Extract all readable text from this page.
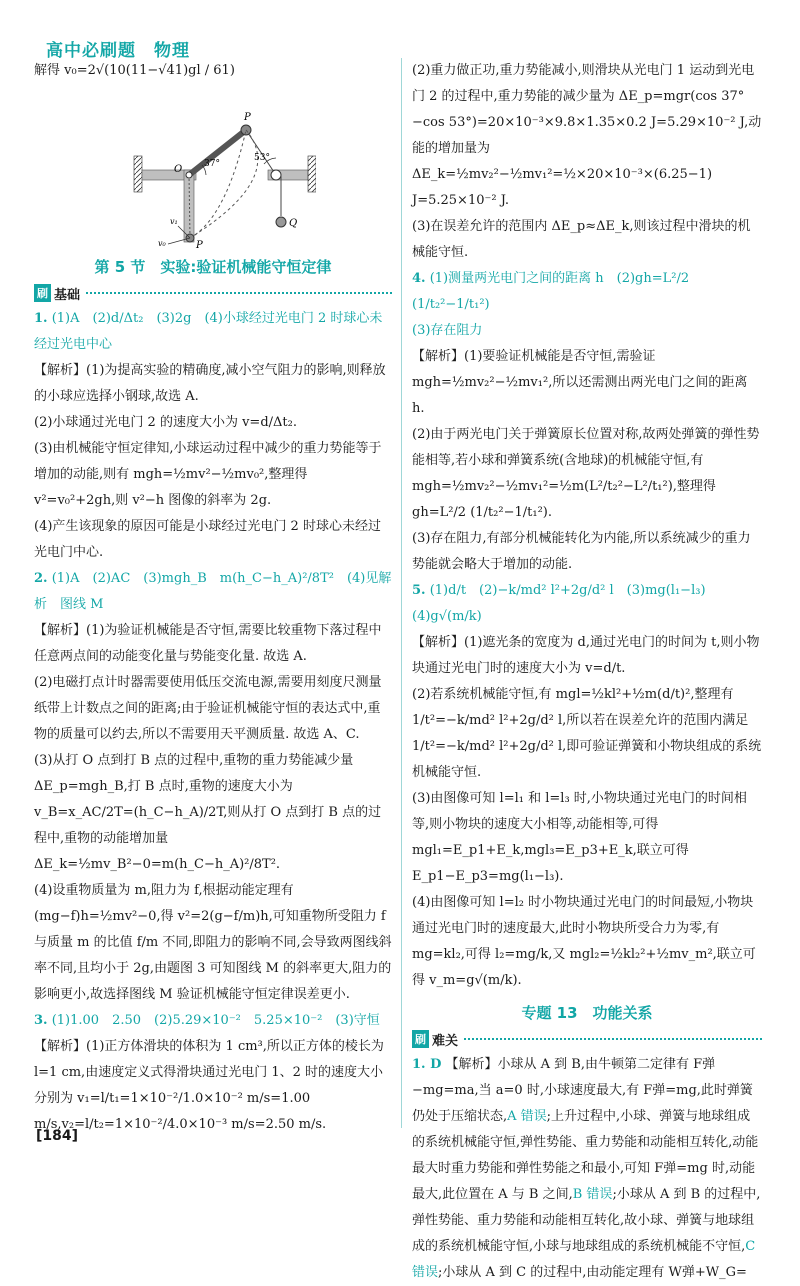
高中必刷题　物理

解得 v₀=2√(10(11−√41)gl / 61)

P
O 37°
53°
Q
P
v₀
v₁
第 5 节　实验:验证机械能守恒定律
刷 基础

1. (1)A　(2)d/Δt₂　(3)2g　(4)小球经过光电门 2 时球心未经过光电中心

【解析】(1)为提高实验的精确度,减小空气阻力的影响,则释放的小球应选择小钢球,故选 A.

(2)小球通过光电门 2 的速度大小为 v=d/Δt₂.

(3)由机械能守恒定律知,小球运动过程中减少的重力势能等于增加的动能,则有 mgh=½mv²−½mv₀²,整理得 v²=v₀²+2gh,则 v²−h 图像的斜率为 2g.

(4)产生该现象的原因可能是小球经过光电门 2 时球心未经过光电门中心.

2. (1)A　(2)AC　(3)mgh_B　m(h_C−h_A)²/8T²　(4)见解析　图线 M

【解析】(1)为验证机械能是否守恒,需要比较重物下落过程中任意两点间的动能变化量与势能变化量. 故选 A.

(2)电磁打点计时器需要使用低压交流电源,需要用刻度尺测量纸带上计数点之间的距离;由于验证机械能守恒的表达式中,重物的质量可以约去,所以不需要用天平测质量. 故选 A、C.

(3)从打 O 点到打 B 点的过程中,重物的重力势能减少量 ΔE_p=mgh_B,打 B 点时,重物的速度大小为 v_B=x_AC/2T=(h_C−h_A)/2T,则从打 O 点到打 B 点的过程中,重物的动能增加量 ΔE_k=½mv_B²−0=m(h_C−h_A)²/8T².

(4)设重物质量为 m,阻力为 f,根据动能定理有(mg−f)h=½mv²−0,得 v²=2(g−f/m)h,可知重物所受阻力 f 与质量 m 的比值 f/m 不同,即阻力的影响不同,会导致两图线斜率不同,且均小于 2g,由题图 3 可知图线 M 的斜率更大,阻力的影响更小,故选择图线 M 验证机械能守恒定律误差更小.

3. (1)1.00　2.50　(2)5.29×10⁻²　5.25×10⁻²　(3)守恒

【解析】(1)正方体滑块的体积为 1 cm³,所以正方体的棱长为 l=1 cm,由速度定义式得滑块通过光电门 1、2 时的速度大小分别为 v₁=l/t₁=1×10⁻²/1.0×10⁻² m/s=1.00 m/s,v₂=l/t₂=1×10⁻²/4.0×10⁻³ m/s=2.50 m/s.

(2)重力做正功,重力势能减小,则滑块从光电门 1 运动到光电门 2 的过程中,重力势能的减少量为 ΔE_p=mgr(cos 37°−cos 53°)=20×10⁻³×9.8×1.35×0.2 J=5.29×10⁻² J,动能的增加量为 ΔE_k=½mv₂²−½mv₁²=½×20×10⁻³×(6.25−1) J=5.25×10⁻² J.

(3)在误差允许的范围内 ΔE_p≈ΔE_k,则该过程中滑块的机械能守恒.

4. (1)测量两光电门之间的距离 h　(2)gh=L²/2 (1/t₂²−1/t₁²)

(3)存在阻力

【解析】(1)要验证机械能是否守恒,需验证 mgh=½mv₂²−½mv₁²,所以还需测出两光电门之间的距离 h.

(2)由于两光电门关于弹簧原长位置对称,故两处弹簧的弹性势能相等,若小球和弹簧系统(含地球)的机械能守恒,有 mgh=½mv₂²−½mv₁²=½m(L²/t₂²−L²/t₁²),整理得 gh=L²/2 (1/t₂²−1/t₁²).

(3)存在阻力,有部分机械能转化为内能,所以系统减少的重力势能就会略大于增加的动能.

5. (1)d/t　(2)−k/md² l²+2g/d² l　(3)mg(l₁−l₃)　(4)g√(m/k)

【解析】(1)遮光条的宽度为 d,通过光电门的时间为 t,则小物块通过光电门时的速度大小为 v=d/t.

(2)若系统机械能守恒,有 mgl=½kl²+½m(d/t)²,整理有 1/t²=−k/md² l²+2g/d² l,所以若在误差允许的范围内满足 1/t²=−k/md² l²+2g/d² l,即可验证弹簧和小物块组成的系统机械能守恒.

(3)由图像可知 l=l₁ 和 l=l₃ 时,小物块通过光电门的时间相等,则小物块的速度大小相等,动能相等,可得 mgl₁=E_p1+E_k,mgl₃=E_p3+E_k,联立可得 E_p1−E_p3=mg(l₁−l₃).

(4)由图像可知 l=l₂ 时小物块通过光电门的时间最短,小物块通过光电门时的速度最大,此时小物块所受合力为零,有 mg=kl₂,可得 l₂=mg/k,又 mgl₂=½kl₂²+½mv_m²,联立可得 v_m=g√(m/k).

专题 13　功能关系
刷 难关

1. D 【解析】小球从 A 到 B,由牛顿第二定律有 F弹−mg=ma,当 a=0 时,小球速度最大,有 F弹=mg,此时弹簧仍处于压缩状态,A 错误;上升过程中,小球、弹簧与地球组成的系统机械能守恒,弹性势能、重力势能和动能相互转化,动能最大时重力势能和弹性势能之和最小,可知 F弹=mg 时,动能最大,此位置在 A 与 B 之间,B 错误;小球从 A 到 B 的过程中,弹性势能、重力势能和动能相互转化,故小球、弹簧与地球组成的系统机械能守恒,小球与地球组成的系统机械能不守恒,C 错误;小球从 A 到 C 的过程中,由动能定理有 W弹+W_G=

[184]
